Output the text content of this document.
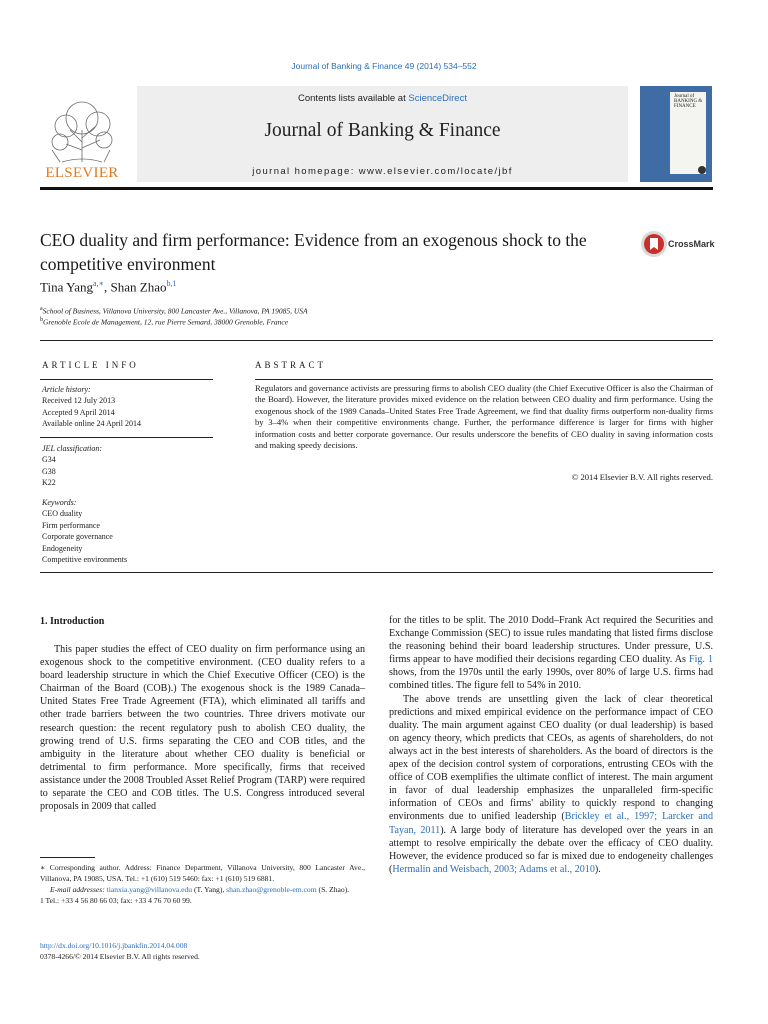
Journal of Banking & Finance 49 (2014) 534–552
ELSEVIER
Contents lists available at ScienceDirect
Journal of Banking & Finance
journal homepage: www.elsevier.com/locate/jbf
Journal of BANKING & FINANCE
CEO duality and firm performance: Evidence from an exogenous shock to the competitive environment
CrossMark
Tina Yang$^{a,∗}$, Shan Zhao$^{b,1}$
$^a$School of Business, Villanova University, 800 Lancaster Ave., Villanova, PA 19085, USA
$^b$Grenoble Ecole de Management, 12, rue Pierre Semard, 38000 Grenoble, France
ARTICLE INFO	ABSTRACT
Article history:
Received 12 July 2013
Accepted 9 April 2014
Available online 24 April 2014
JEL classification:
G34
G38
K22
Keywords:
CEO duality
Firm performance
Corporate governance
Endogeneity
Competitive environments
Regulators and governance activists are pressuring firms to abolish CEO duality (the Chief Executive Officer is also the Chairman of the Board). However, the literature provides mixed evidence on the relation between CEO duality and firm performance. Using the exogenous shock of the 1989 Canada–United States Free Trade Agreement, we find that duality firms outperform non-duality firms by 3–4% when their competitive environments change. Further, the performance difference is larger for firms with higher information costs and better corporate governance. Our results underscore the benefits of CEO duality in saving information costs and making speedy decisions.
© 2014 Elsevier B.V. All rights reserved.
1. Introduction

This paper studies the effect of CEO duality on firm performance using an exogenous shock to the competitive environment. (CEO duality refers to a board leadership structure in which the Chief Executive Officer (CEO) is the Chairman of the Board (COB).) The exogenous shock is the 1989 Canada–United States Free Trade Agreement (FTA), which eliminated all tariffs and other trade barriers between the two countries. Three drivers motivate our research question: the recent regulatory push to abolish CEO duality, the growing trend of U.S. firms separating the CEO and COB titles, and the ambiguity in the literature about whether CEO duality is beneficial or detrimental to firm performance. More specifically, firms that received assistance under the 2008 Troubled Asset Relief Program (TARP) were required to separate the CEO and COB titles. The U.S. Congress introduced several proposals in 2009 that called

for the titles to be split. The 2010 Dodd–Frank Act required the Securities and Exchange Commission (SEC) to issue rules mandating that listed firms disclose the reasoning behind their board leadership structures. Under pressure, U.S. firms appear to have modified their decisions regarding CEO duality. As Fig. 1 shows, from the 1970s until the early 1990s, over 80% of large U.S. firms had combined titles. The figure fell to 54% in 2010.

The above trends are unsettling given the lack of clear theoretical predictions and mixed empirical evidence on the performance impact of CEO duality. The main argument against CEO duality (or dual leadership) is based on agency theory, which predicts that CEOs, as agents of shareholders, do not always act in the best interests of shareholders. As the board of directors is the apex of the decision control system of corporations, entrusting CEOs with the office of COB exemplifies the ultimate conflict of interest. The main argument in favor of dual leadership emphasizes the unparalleled firm-specific information of CEOs and firms' ability to quickly respond to changing environments due to unified leadership (Brickley et al., 1997; Larcker and Tayan, 2011). A large body of literature has developed over the years in an attempt to resolve empirically the debate over the efficacy of CEO duality. However, the evidence produced so far is mixed due to endogeneity challenges (Hermalin and Weisbach, 2003; Adams et al., 2010).

∗ Corresponding author. Address: Finance Department, Villanova University, 800 Lancaster Ave., Villanova, PA 19085, USA. Tel.: +1 (610) 519 5460: fax: +1 (610) 519 6881.

E-mail addresses: tianxia.yang@villanova.edu (T. Yang), shan.zhao@grenoble-em.com (S. Zhao).

1 Tel.: +33 4 56 80 66 03; fax: +33 4 76 70 60 99.

http://dx.doi.org/10.1016/j.jbankfin.2014.04.008
0378-4266/© 2014 Elsevier B.V. All rights reserved.
